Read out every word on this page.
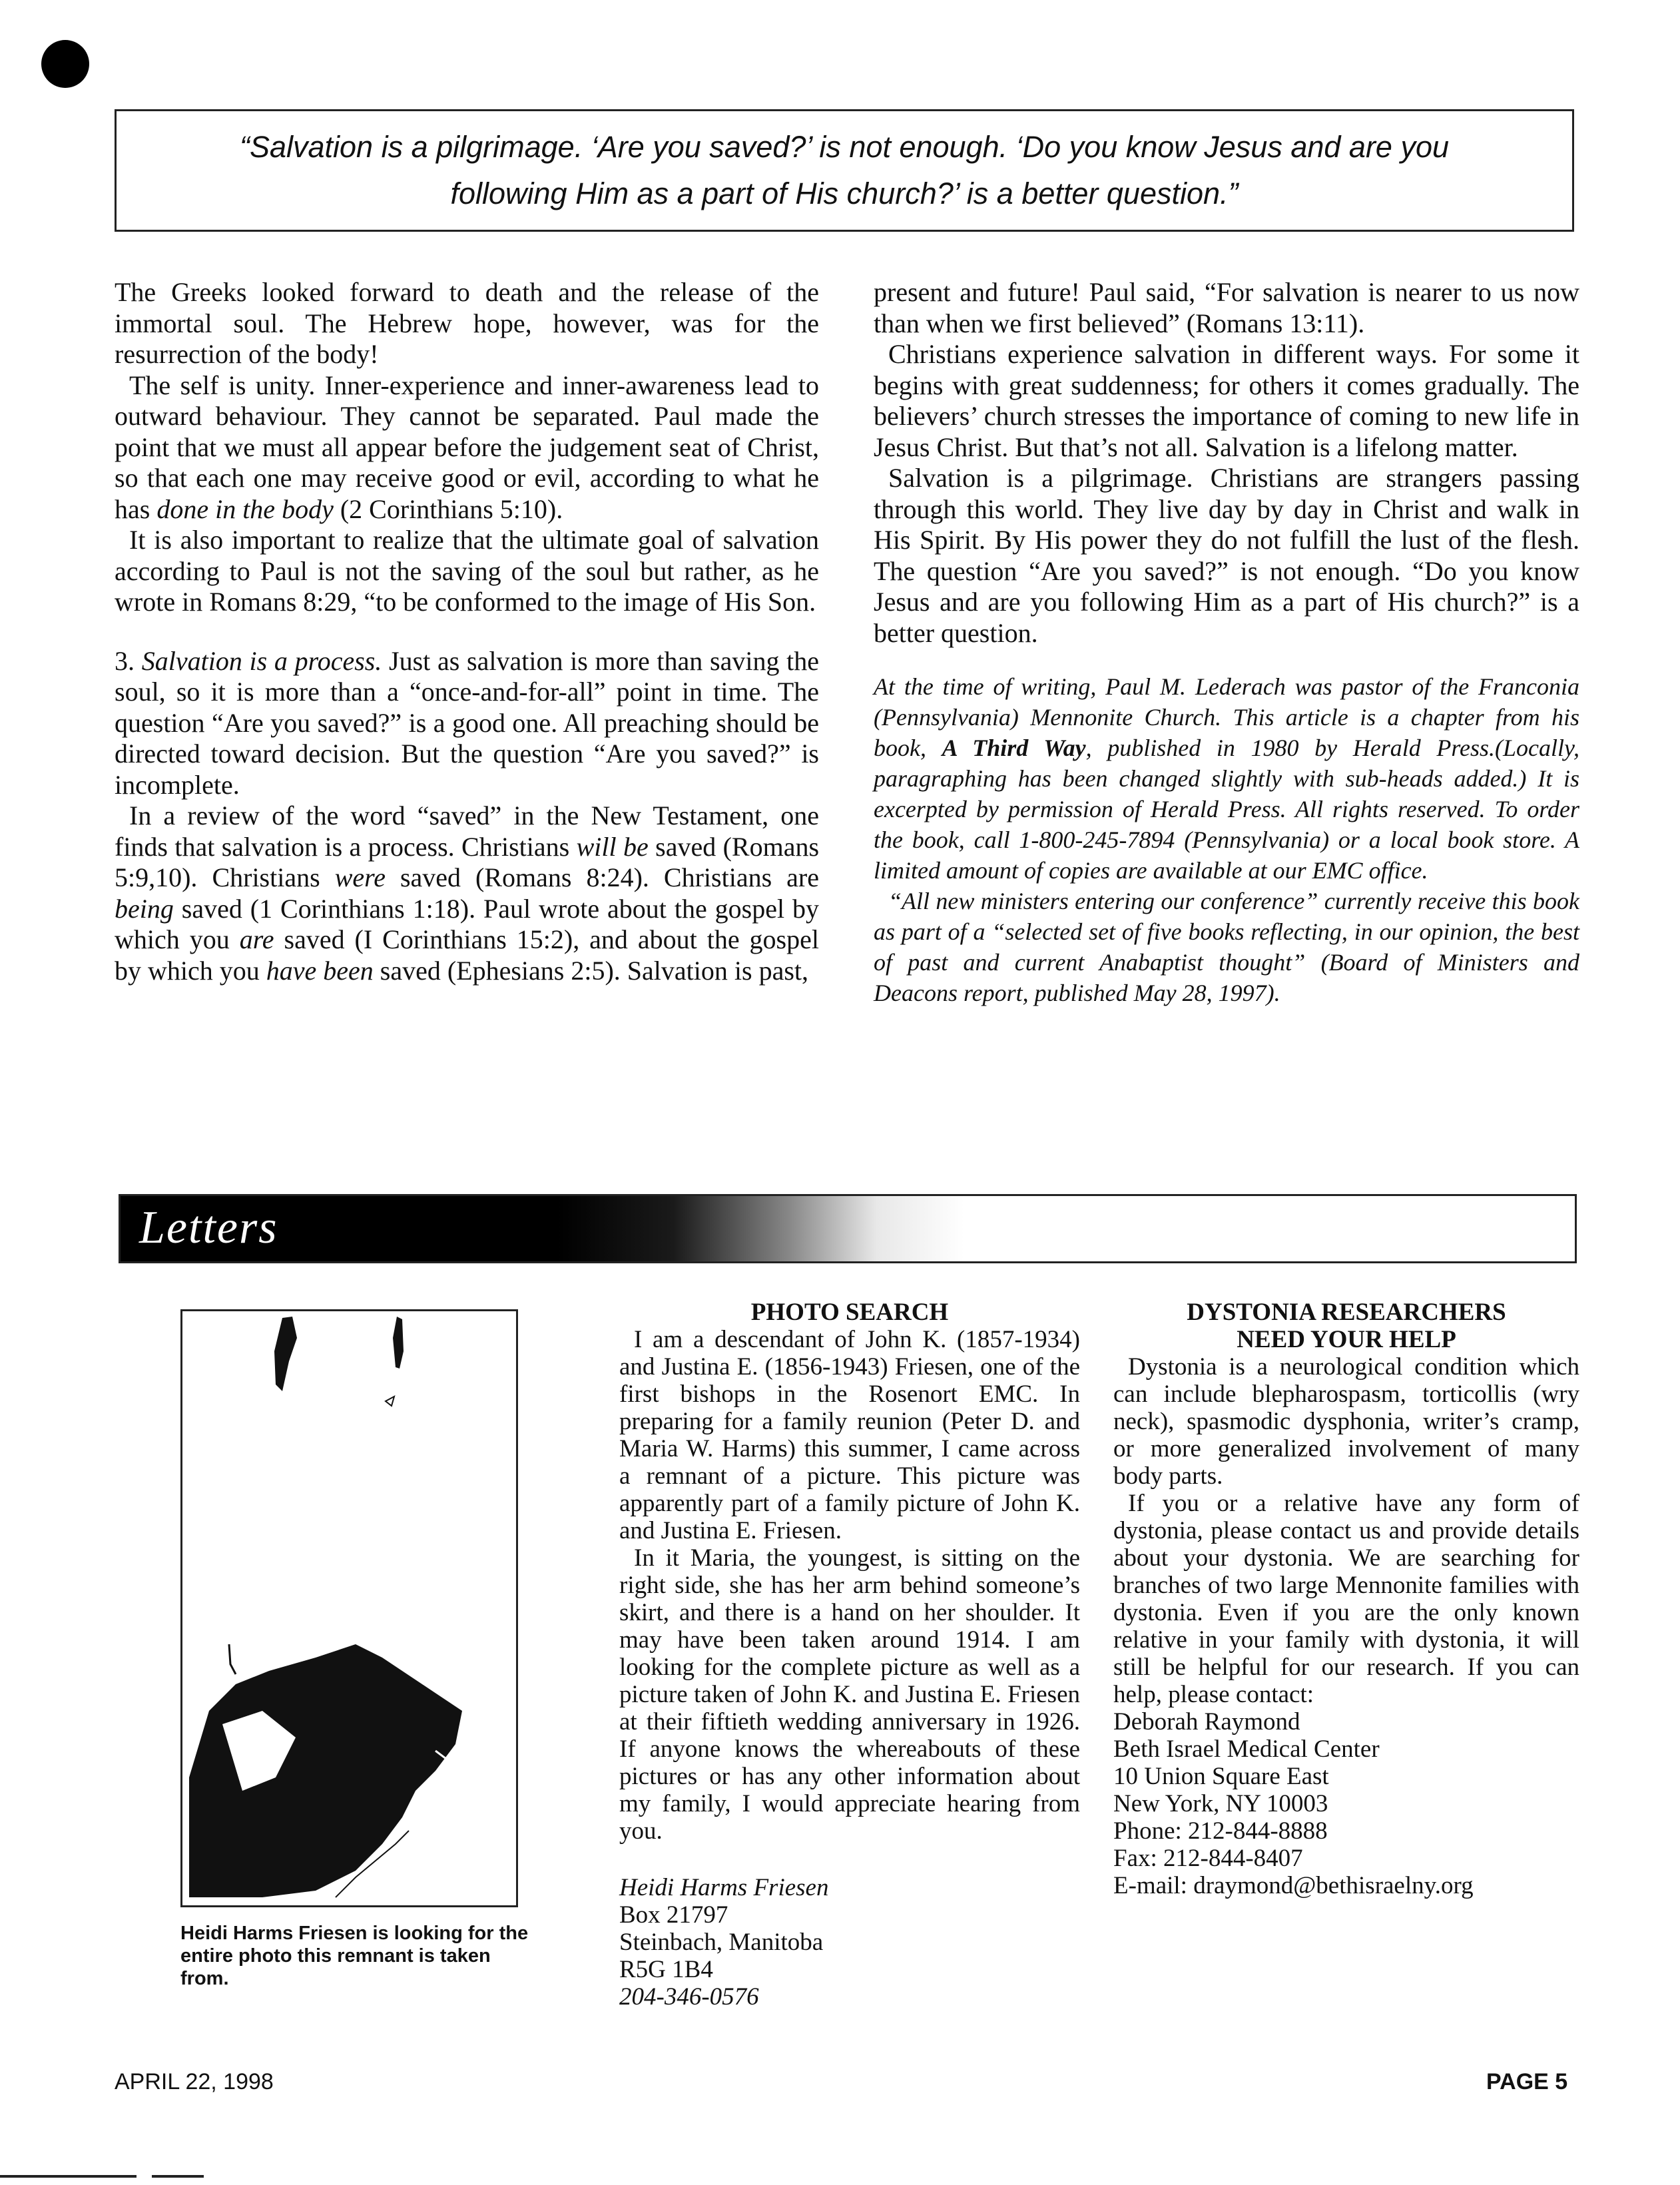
“Salvation is a pilgrimage. ‘Are you saved?’ is not enough. ‘Do you know Jesus and are you following Him as a part of His church?’ is a better question.”

The Greeks looked forward to death and the release of the immortal soul. The Hebrew hope, however, was for the resurrection of the body!

The self is unity. Inner-experience and inner-awareness lead to outward behaviour. They cannot be separated. Paul made the point that we must all appear before the judgement seat of Christ, so that each one may receive good or evil, according to what he has done in the body (2 Corinthians 5:10).

It is also important to realize that the ultimate goal of salvation according to Paul is not the saving of the soul but rather, as he wrote in Romans 8:29, “to be conformed to the image of His Son.

3. Salvation is a process. Just as salvation is more than saving the soul, so it is more than a “once-and-for-all” point in time. The question “Are you saved?” is a good one. All preaching should be directed toward decision. But the question “Are you saved?” is incomplete.

In a review of the word “saved” in the New Testament, one finds that salvation is a process. Christians will be saved (Romans 5:9,10). Christians were saved (Romans 8:24). Christians are being saved (1 Corinthians 1:18). Paul wrote about the gospel by which you are saved (I Corinthians 15:2), and about the gospel by which you have been saved (Ephesians 2:5). Salvation is past,

present and future! Paul said, “For salvation is nearer to us now than when we first believed” (Romans 13:11).

Christians experience salvation in different ways. For some it begins with great suddenness; for others it comes gradually. The believers’ church stresses the importance of coming to new life in Jesus Christ. But that’s not all. Salvation is a lifelong matter.

Salvation is a pilgrimage. Christians are strangers passing through this world. They live day by day in Christ and walk in His Spirit. By His power they do not fulfill the lust of the flesh. The question “Are you saved?” is not enough. “Do you know Jesus and are you following Him as a part of His church?” is a better question.

At the time of writing, Paul M. Lederach was pastor of the Franconia (Pennsylvania) Mennonite Church. This article is a chapter from his book, A Third Way, published in 1980 by Herald Press.(Locally, paragraphing has been changed slightly with sub-heads added.) It is excerpted by permission of Herald Press. All rights reserved. To order the book, call 1-800-245-7894 (Pennsylvania) or a local book store. A limited amount of copies are available at our EMC office.

“All new ministers entering our conference” currently receive this book as part of a “selected set of five books reflecting, in our opinion, the best of past and current Anabaptist thought” (Board of Ministers and Deacons report, published May 28, 1997).

Letters
Heidi Harms Friesen is looking for the entire photo this remnant is taken from.
PHOTO SEARCH

I am a descendant of John K. (1857-1934) and Justina E. (1856-1943) Friesen, one of the first bishops in the Rosenort EMC. In preparing for a family reunion (Peter D. and Maria W. Harms) this summer, I came across a remnant of a picture. This picture was apparently part of a family picture of John K. and Justina E. Friesen.

In it Maria, the youngest, is sitting on the right side, she has her arm behind someone’s skirt, and there is a hand on her shoulder. It may have been taken around 1914. I am looking for the complete picture as well as a picture taken of John K. and Justina E. Friesen at their fiftieth wedding anniversary in 1926. If anyone knows the whereabouts of these pictures or has any other information about my family, I would appreciate hearing from you.

Heidi Harms Friesen
Box 21797
Steinbach, Manitoba
R5G 1B4
204-346-0576
DYSTONIA RESEARCHERS
NEED YOUR HELP

Dystonia is a neurological condition which can include blepharospasm, torticollis (wry neck), spasmodic dysphonia, writer’s cramp, or more generalized involvement of many body parts.

If you or a relative have any form of dystonia, please contact us and provide details about your dystonia. We are searching for branches of two large Mennonite families with dystonia. Even if you are the only known relative in your family with dystonia, it will still be helpful for our research. If you can help, please contact:

Deborah Raymond
Beth Israel Medical Center
10 Union Square East
New York, NY 10003
Phone: 212-844-8888
Fax: 212-844-8407
E-mail: draymond@bethisraelny.org
APRIL 22, 1998	PAGE 5
